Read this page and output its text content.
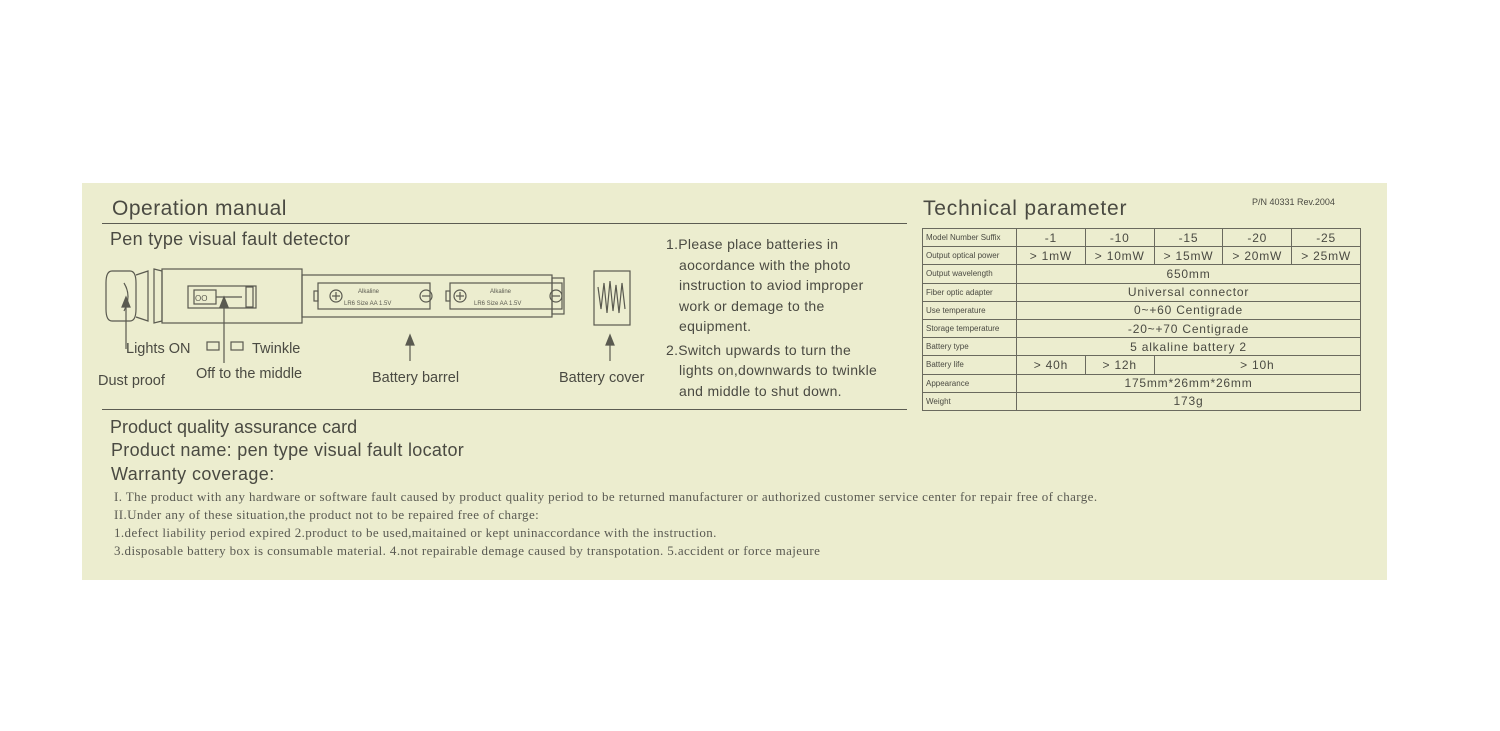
Operation manual
Pen type visual fault detector
Alkaline
LR6 Size AA 1.5V
Alkaline
LR6 Size AA 1.5V
OO
Lights ON	Twinkle
Dust proof Off to the middle	Battery barrel	Battery cover

1.Please place batteries in
aocordance with the photo
instruction to aviod improper
work or demage to the
equipment.

2.Switch upwards to turn the
lights on,downwards to twinkle
and middle to shut down.

Technical parameter	P/N 40331 Rev.2004
Model Number Suffix	-1	-10	-15	-20	-25
Output optical power	> 1mW	> 10mW	> 15mW	> 20mW	> 25mW
Output wavelength	650mm				
Fiber optic adapter	Universal connector				
Use temperature	0~+60 Centigrade				
Storage temperature	-20~+70 Centigrade				
Battery type	5 alkaline battery 2				
Battery life	> 40h	> 12h	> 10h		
Appearance	175mm*26mm*26mm				
Weight	173g				
Product quality assurance card
Product name: pen type visual fault locator
Warranty coverage:
I. The product with any hardware or software fault caused by product quality period to be returned manufacturer or authorized customer service center for repair free of charge.
II.Under any of these situation,the product not to be repaired free of charge:
1.defect liability period expired 2.product to be used,maitained or kept uninaccordance with the instruction.
3.disposable battery box is consumable material. 4.not repairable demage caused by transpotation. 5.accident or force majeure
